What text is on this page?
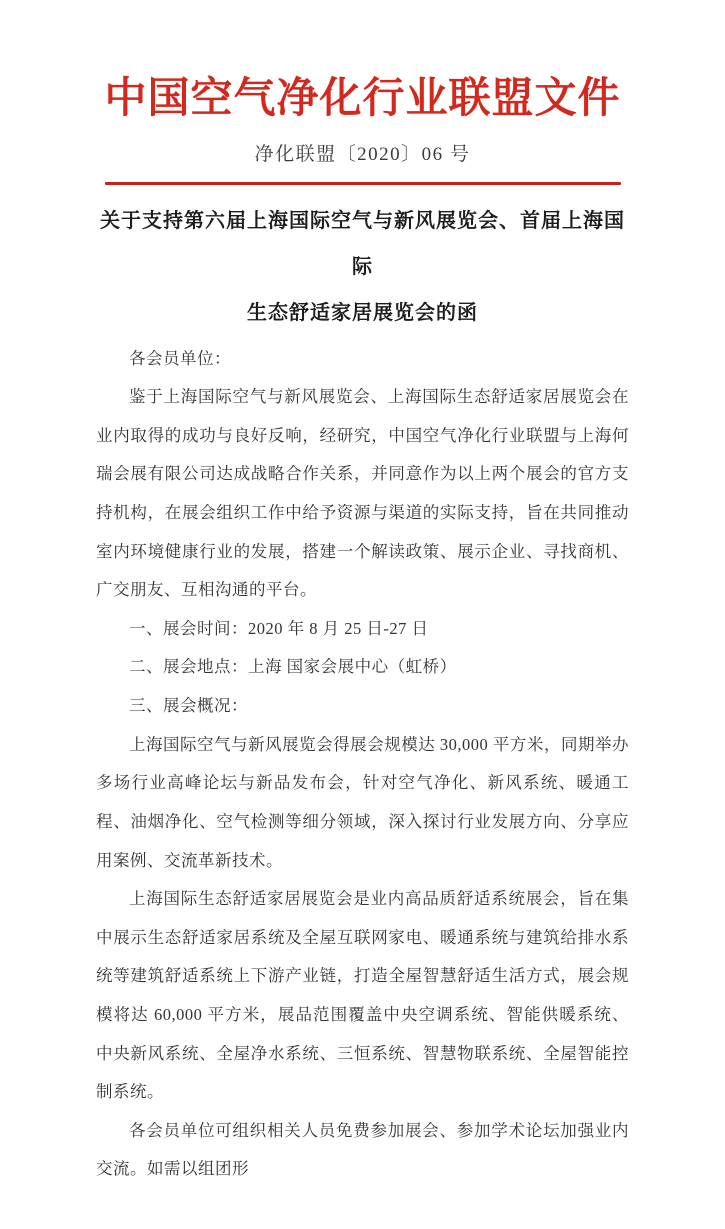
中国空气净化行业联盟文件
净化联盟〔2020〕06 号
关于支持第六届上海国际空气与新风展览会、首届上海国际
生态舒适家居展览会的函

各会员单位：

鉴于上海国际空气与新风展览会、上海国际生态舒适家居展览会在业内取得的成功与良好反响，经研究，中国空气净化行业联盟与上海何瑞会展有限公司达成战略合作关系，并同意作为以上两个展会的官方支持机构，在展会组织工作中给予资源与渠道的实际支持，旨在共同推动室内环境健康行业的发展，搭建一个解读政策、展示企业、寻找商机、广交朋友、互相沟通的平台。

一、展会时间：2020 年 8 月 25 日-27 日

二、展会地点：上海 国家会展中心（虹桥）

三、展会概况：

上海国际空气与新风展览会得展会规模达 30,000 平方米，同期举办多场行业高峰论坛与新品发布会，针对空气净化、新风系统、暖通工程、油烟净化、空气检测等细分领域，深入探讨行业发展方向、分享应用案例、交流革新技术。

上海国际生态舒适家居展览会是业内高品质舒适系统展会，旨在集中展示生态舒适家居系统及全屋互联网家电、暖通系统与建筑给排水系统等建筑舒适系统上下游产业链，打造全屋智慧舒适生活方式，展会规模将达 60,000 平方米，展品范围覆盖中央空调系统、智能供暖系统、中央新风系统、全屋净水系统、三恒系统、智慧物联系统、全屋智能控制系统。

各会员单位可组织相关人员免费参加展会、参加学术论坛加强业内交流。如需以组团形
